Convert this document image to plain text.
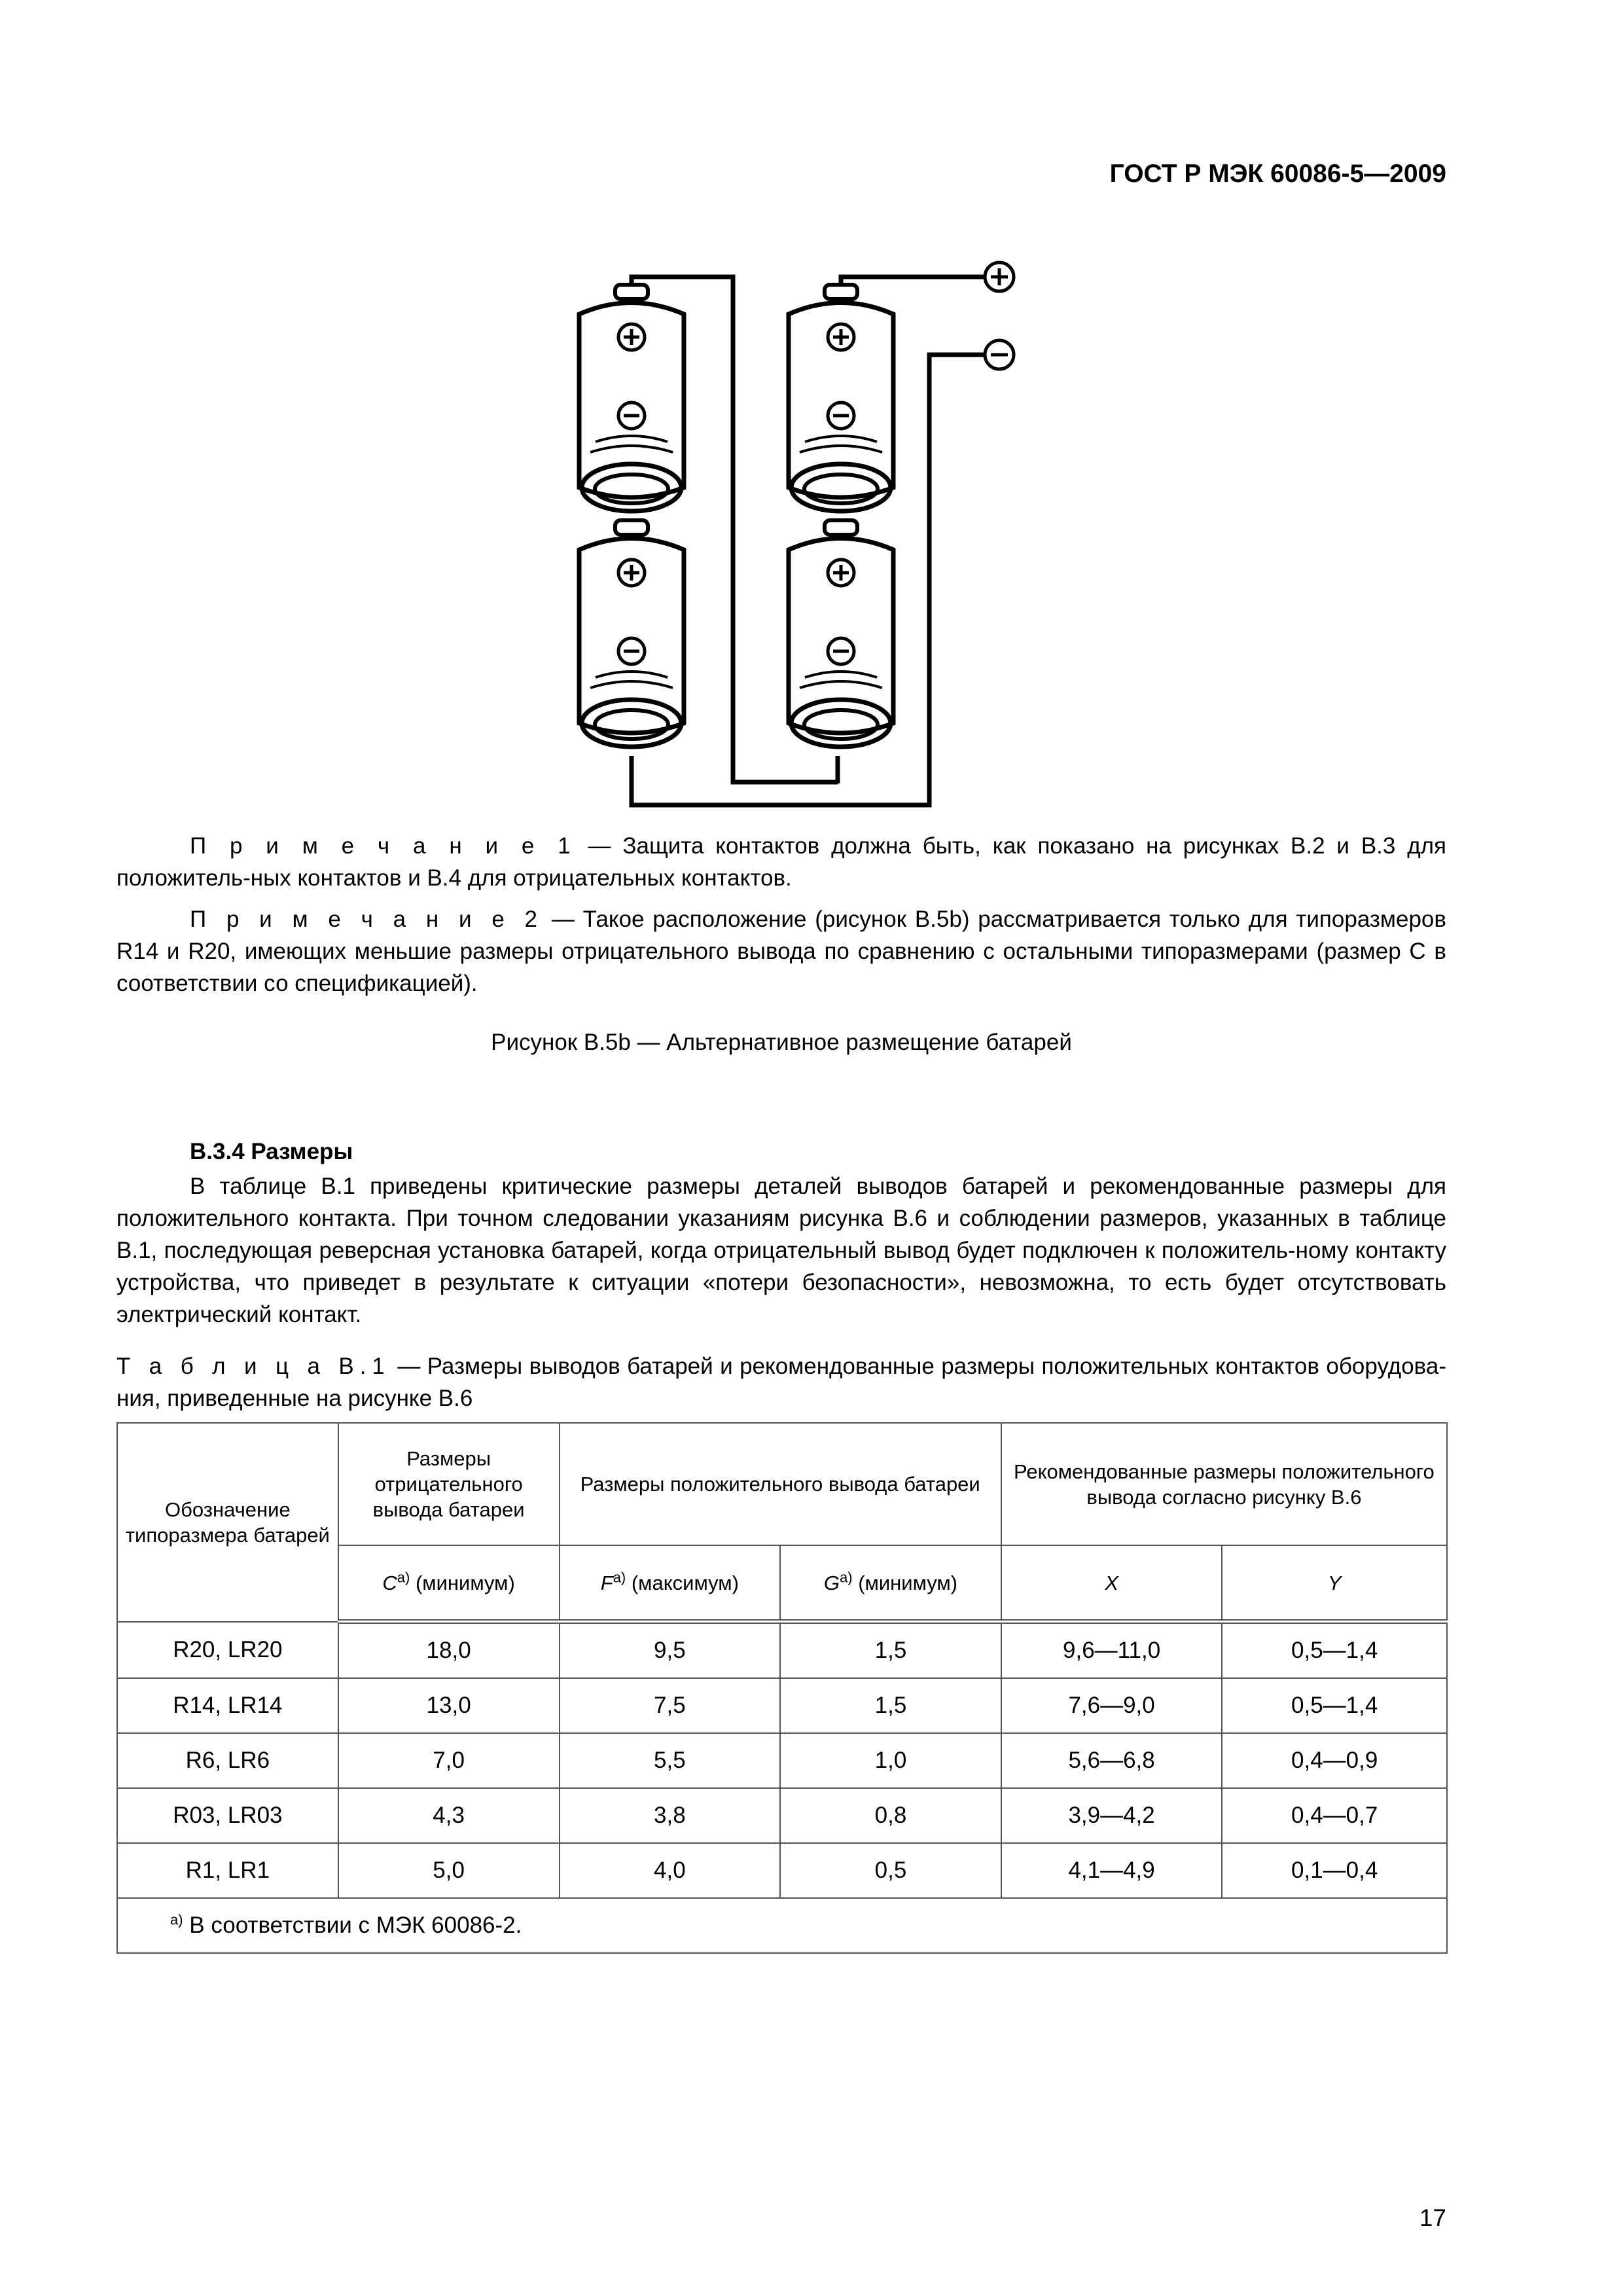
ГОСТ Р МЭК 60086-5—2009
П р и м е ч а н и е 1 — Защита контактов должна быть, как показано на рисунках B.2 и B.3 для положитель-ных контактов и B.4 для отрицательных контактов.
П р и м е ч а н и е 2 — Такое расположение (рисунок B.5b) рассматривается только для типоразмеров R14 и R20, имеющих меньшие размеры отрицательного вывода по сравнению с остальными типоразмерами (размер C в соответствии со спецификацией).
Рисунок B.5b — Альтернативное размещение батарей
B.3.4 Размеры
В таблице B.1 приведены критические размеры деталей выводов батарей и рекомендованные размеры для положительного контакта. При точном следовании указаниям рисунка B.6 и соблюдении размеров, указанных в таблице B.1, последующая реверсная установка батарей, когда отрицательный вывод будет подключен к положитель-ному контакту устройства, что приведет в результате к ситуации «потери безопасности», невозможна, то есть будет отсутствовать электрический контакт.
Т а б л и ц а B.1 — Размеры выводов батарей и рекомендованные размеры положительных контактов оборудова-ния, приведенные на рисунке B.6
Обозначение типоразмера батарей	Размеры отрицательного вывода батареи	Размеры положительного вывода батареи		Рекомендованные размеры положительного вывода согласно рисунку B.6	
	$C^{а)}$ (минимум)	$F^{а)}$ (максимум)	$G^{а)}$ (минимум)	X	Y
R20, LR20	18,0	9,5	1,5	9,6—11,0	0,5—1,4
R14, LR14	13,0	7,5	1,5	7,6—9,0	0,5—1,4
R6, LR6	7,0	5,5	1,0	5,6—6,8	0,4—0,9
R03, LR03	4,3	3,8	0,8	3,9—4,2	0,4—0,7
R1, LR1	5,0	4,0	0,5	4,1—4,9	0,1—0,4
$^{а)}$ В соответствии с МЭК 60086-2.					
17
